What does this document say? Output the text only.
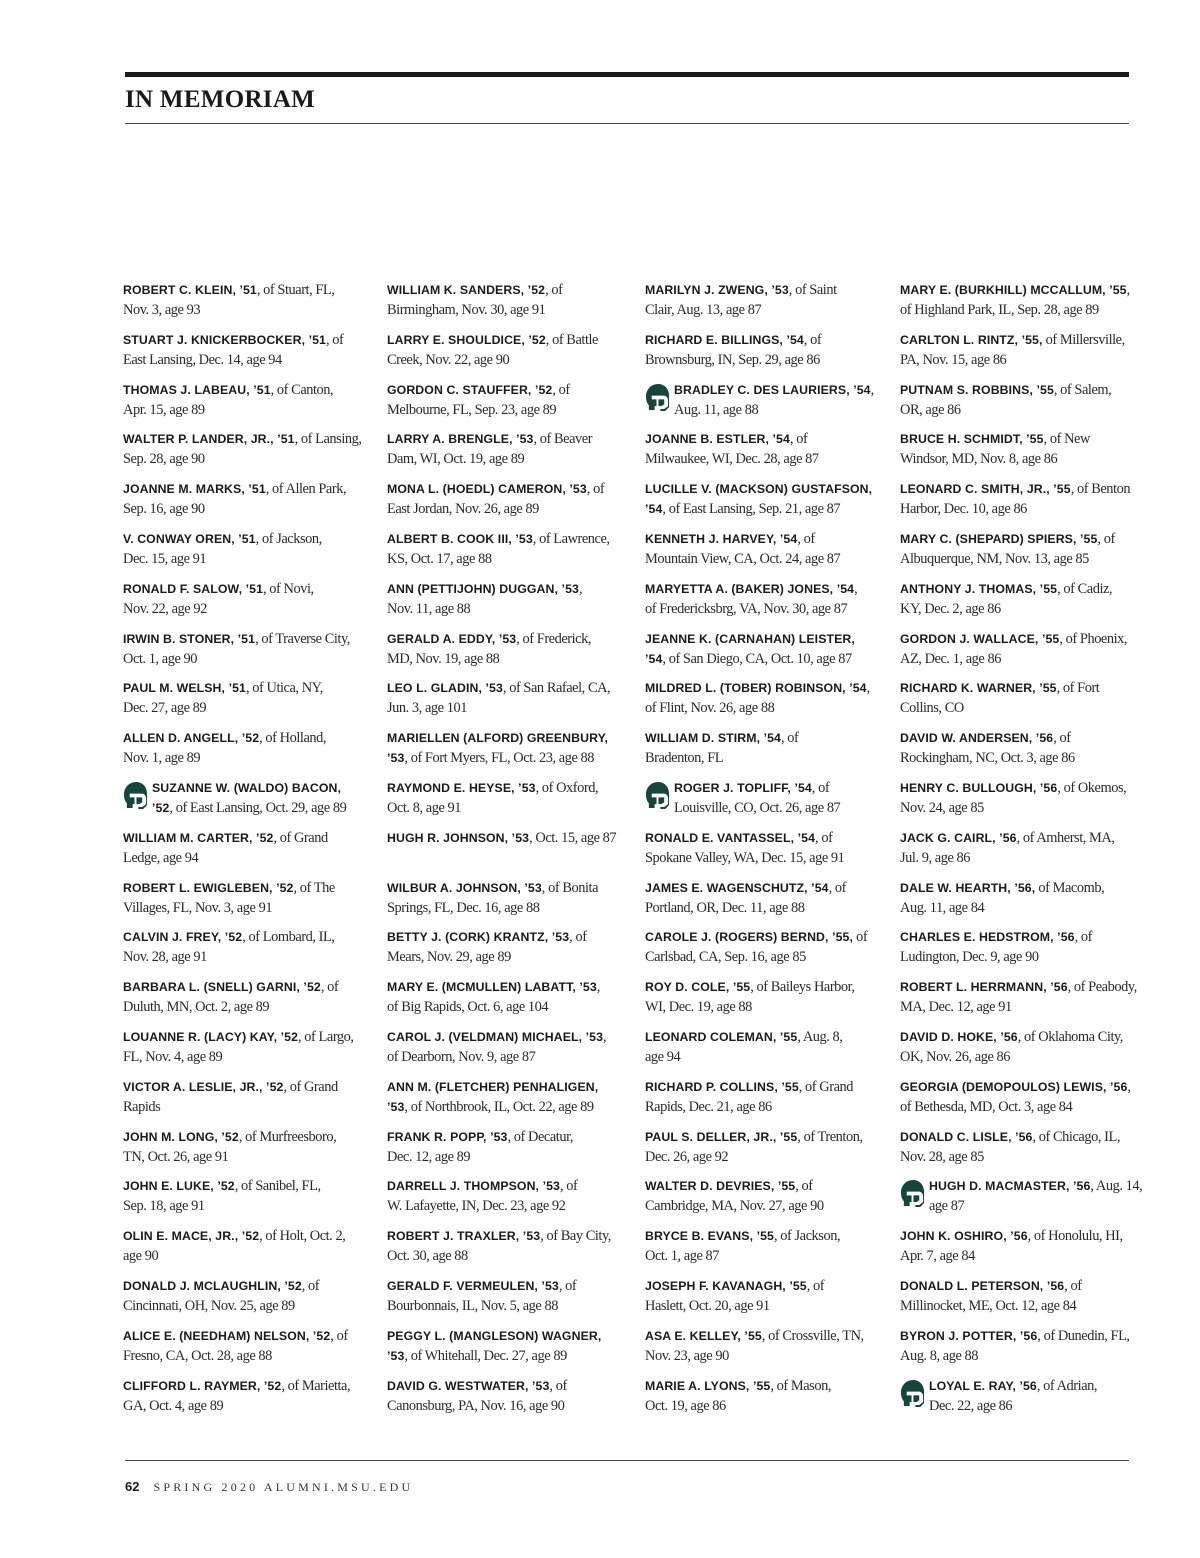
IN MEMORIAM

ROBERT C. KLEIN, ’51, of Stuart, FL,
Nov. 3, age 93

STUART J. KNICKERBOCKER, ’51, of
East Lansing, Dec. 14, age 94

THOMAS J. LABEAU, ’51, of Canton,
Apr. 15, age 89

WALTER P. LANDER, JR., ’51, of Lansing,
Sep. 28, age 90

JOANNE M. MARKS, ’51, of Allen Park,
Sep. 16, age 90

V. CONWAY OREN, ’51, of Jackson,
Dec. 15, age 91

RONALD F. SALOW, ’51, of Novi,
Nov. 22, age 92

IRWIN B. STONER, ’51, of Traverse City,
Oct. 1, age 90

PAUL M. WELSH, ’51, of Utica, NY,
Dec. 27, age 89

ALLEN D. ANGELL, ’52, of Holland,
Nov. 1, age 89

SUZANNE W. (WALDO) BACON,
’52, of East Lansing, Oct. 29, age 89

WILLIAM M. CARTER, ’52, of Grand
Ledge, age 94

ROBERT L. EWIGLEBEN, ’52, of The
Villages, FL, Nov. 3, age 91

CALVIN J. FREY, ’52, of Lombard, IL,
Nov. 28, age 91

BARBARA L. (SNELL) GARNI, ’52, of
Duluth, MN, Oct. 2, age 89

LOUANNE R. (LACY) KAY, ’52, of Largo,
FL, Nov. 4, age 89

VICTOR A. LESLIE, JR., ’52, of Grand
Rapids

JOHN M. LONG, ’52, of Murfreesboro,
TN, Oct. 26, age 91

JOHN E. LUKE, ’52, of Sanibel, FL,
Sep. 18, age 91

OLIN E. MACE, JR., ’52, of Holt, Oct. 2,
age 90

DONALD J. MCLAUGHLIN, ’52, of
Cincinnati, OH, Nov. 25, age 89

ALICE E. (NEEDHAM) NELSON, ’52, of
Fresno, CA, Oct. 28, age 88

CLIFFORD L. RAYMER, ’52, of Marietta,
GA, Oct. 4, age 89

WILLIAM K. SANDERS, ’52, of
Birmingham, Nov. 30, age 91

LARRY E. SHOULDICE, ’52, of Battle
Creek, Nov. 22, age 90

GORDON C. STAUFFER, ’52, of
Melbourne, FL, Sep. 23, age 89

LARRY A. BRENGLE, ’53, of Beaver
Dam, WI, Oct. 19, age 89

MONA L. (HOEDL) CAMERON, ’53, of
East Jordan, Nov. 26, age 89

ALBERT B. COOK III, ’53, of Lawrence,
KS, Oct. 17, age 88

ANN (PETTIJOHN) DUGGAN, ’53,
Nov. 11, age 88

GERALD A. EDDY, ’53, of Frederick,
MD, Nov. 19, age 88

LEO L. GLADIN, ’53, of San Rafael, CA,
Jun. 3, age 101

MARIELLEN (ALFORD) GREENBURY,
’53, of Fort Myers, FL, Oct. 23, age 88

RAYMOND E. HEYSE, ’53, of Oxford,
Oct. 8, age 91

HUGH R. JOHNSON, ’53, Oct. 15, age 87

WILBUR A. JOHNSON, ’53, of Bonita
Springs, FL, Dec. 16, age 88

BETTY J. (CORK) KRANTZ, ’53, of
Mears, Nov. 29, age 89

MARY E. (MCMULLEN) LABATT, ’53,
of Big Rapids, Oct. 6, age 104

CAROL J. (VELDMAN) MICHAEL, ’53,
of Dearborn, Nov. 9, age 87

ANN M. (FLETCHER) PENHALIGEN,
’53, of Northbrook, IL, Oct. 22, age 89

FRANK R. POPP, ’53, of Decatur,
Dec. 12, age 89

DARRELL J. THOMPSON, ’53, of
W. Lafayette, IN, Dec. 23, age 92

ROBERT J. TRAXLER, ’53, of Bay City,
Oct. 30, age 88

GERALD F. VERMEULEN, ’53, of
Bourbonnais, IL, Nov. 5, age 88

PEGGY L. (MANGLESON) WAGNER,
’53, of Whitehall, Dec. 27, age 89

DAVID G. WESTWATER, ’53, of
Canonsburg, PA, Nov. 16, age 90

MARILYN J. ZWENG, ’53, of Saint
Clair, Aug. 13, age 87

RICHARD E. BILLINGS, ’54, of
Brownsburg, IN, Sep. 29, age 86

BRADLEY C. DES LAURIERS, ’54,
Aug. 11, age 88

JOANNE B. ESTLER, ’54, of
Milwaukee, WI, Dec. 28, age 87

LUCILLE V. (MACKSON) GUSTAFSON,
’54, of East Lansing, Sep. 21, age 87

KENNETH J. HARVEY, ’54, of
Mountain View, CA, Oct. 24, age 87

MARYETTA A. (BAKER) JONES, ’54,
of Fredericksbrg, VA, Nov. 30, age 87

JEANNE K. (CARNAHAN) LEISTER,
’54, of San Diego, CA, Oct. 10, age 87

MILDRED L. (TOBER) ROBINSON, ’54,
of Flint, Nov. 26, age 88

WILLIAM D. STIRM, ’54, of
Bradenton, FL

ROGER J. TOPLIFF, ’54, of
Louisville, CO, Oct. 26, age 87

RONALD E. VANTASSEL, ’54, of
Spokane Valley, WA, Dec. 15, age 91

JAMES E. WAGENSCHUTZ, ’54, of
Portland, OR, Dec. 11, age 88

CAROLE J. (ROGERS) BERND, ’55, of
Carlsbad, CA, Sep. 16, age 85

ROY D. COLE, ’55, of Baileys Harbor,
WI, Dec. 19, age 88

LEONARD COLEMAN, ’55, Aug. 8,
age 94

RICHARD P. COLLINS, ’55, of Grand
Rapids, Dec. 21, age 86

PAUL S. DELLER, JR., ’55, of Trenton,
Dec. 26, age 92

WALTER D. DEVRIES, ’55, of
Cambridge, MA, Nov. 27, age 90

BRYCE B. EVANS, ’55, of Jackson,
Oct. 1, age 87

JOSEPH F. KAVANAGH, ’55, of
Haslett, Oct. 20, age 91

ASA E. KELLEY, ’55, of Crossville, TN,
Nov. 23, age 90

MARIE A. LYONS, ’55, of Mason,
Oct. 19, age 86

MARY E. (BURKHILL) MCCALLUM, ’55,
of Highland Park, IL, Sep. 28, age 89

CARLTON L. RINTZ, ’55, of Millersville,
PA, Nov. 15, age 86

PUTNAM S. ROBBINS, ’55, of Salem,
OR, age 86

BRUCE H. SCHMIDT, ’55, of New
Windsor, MD, Nov. 8, age 86

LEONARD C. SMITH, JR., ’55, of Benton
Harbor, Dec. 10, age 86

MARY C. (SHEPARD) SPIERS, ’55, of
Albuquerque, NM, Nov. 13, age 85

ANTHONY J. THOMAS, ’55, of Cadiz,
KY, Dec. 2, age 86

GORDON J. WALLACE, ’55, of Phoenix,
AZ, Dec. 1, age 86

RICHARD K. WARNER, ’55, of Fort
Collins, CO

DAVID W. ANDERSEN, ’56, of
Rockingham, NC, Oct. 3, age 86

HENRY C. BULLOUGH, ’56, of Okemos,
Nov. 24, age 85

JACK G. CAIRL, ’56, of Amherst, MA,
Jul. 9, age 86

DALE W. HEARTH, ’56, of Macomb,
Aug. 11, age 84

CHARLES E. HEDSTROM, ’56, of
Ludington, Dec. 9, age 90

ROBERT L. HERRMANN, ’56, of Peabody,
MA, Dec. 12, age 91

DAVID D. HOKE, ’56, of Oklahoma City,
OK, Nov. 26, age 86

GEORGIA (DEMOPOULOS) LEWIS, ’56,
of Bethesda, MD, Oct. 3, age 84

DONALD C. LISLE, ’56, of Chicago, IL,
Nov. 28, age 85

HUGH D. MACMASTER, ’56, Aug. 14,
age 87

JOHN K. OSHIRO, ’56, of Honolulu, HI,
Apr. 7, age 84

DONALD L. PETERSON, ’56, of
Millinocket, ME, Oct. 12, age 84

BYRON J. POTTER, ’56, of Dunedin, FL,
Aug. 8, age 88

LOYAL E. RAY, ’56, of Adrian,
Dec. 22, age 86

62 SPRING 2020 ALUMNI.MSU.EDU
